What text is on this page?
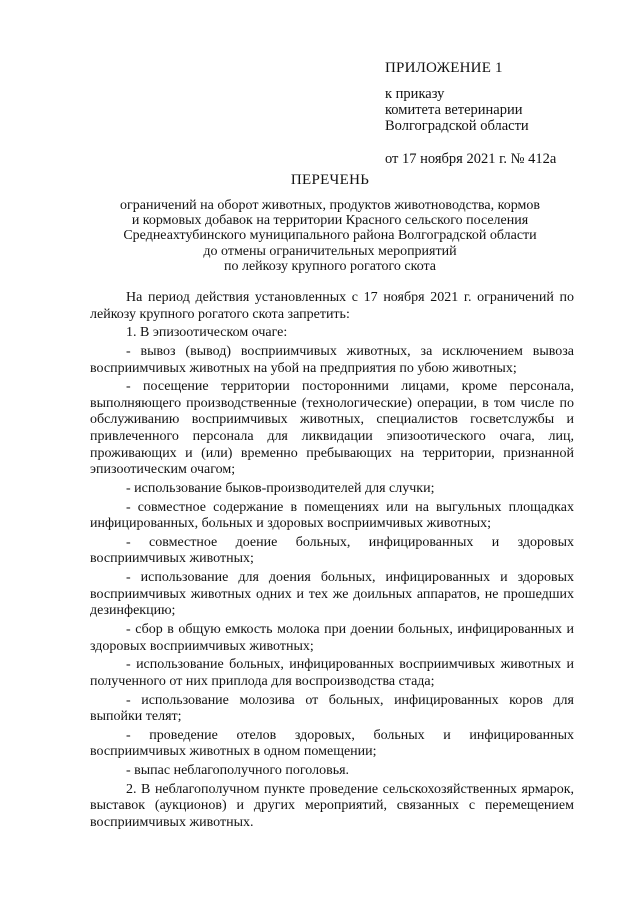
ПРИЛОЖЕНИЕ 1

к приказу

комитета ветеринарии

Волгоградской области

от 17 ноября 2021 г. № 412а

ПЕРЕЧЕНЬ
ограничений на оборот животных, продуктов животноводства, кормов
и кормовых добавок на территории Красного сельского поселения
Среднеахтубинского муниципального района Волгоградской области
до отмены ограничительных мероприятий
по лейкозу крупного рогатого скота

На период действия установленных с 17 ноября 2021 г. ограничений по лейкозу крупного рогатого скота запретить:

1. В эпизоотическом очаге:

- вывоз (вывод) восприимчивых животных, за исключением вывоза восприимчивых животных на убой на предприятия по убою животных;

- посещение территории посторонними лицами, кроме персонала, выполняющего производственные (технологические) операции, в том числе по обслуживанию восприимчивых животных, специалистов госветслужбы и привлеченного персонала для ликвидации эпизоотического очага, лиц, проживающих и (или) временно пребывающих на территории, признанной эпизоотическим очагом;

- использование быков-производителей для случки;

- совместное содержание в помещениях или на выгульных площадках инфицированных, больных и здоровых восприимчивых животных;

- совместное доение больных, инфицированных и здоровых восприимчивых животных;

- использование для доения больных, инфицированных и здоровых восприимчивых животных одних и тех же доильных аппаратов, не прошедших дезинфекцию;

- сбор в общую емкость молока при доении больных, инфицированных и здоровых восприимчивых животных;

- использование больных, инфицированных восприимчивых животных и полученного от них приплода для воспроизводства стада;

- использование молозива от больных, инфицированных коров для выпойки телят;

- проведение отелов здоровых, больных и инфицированных восприимчивых животных в одном помещении;

- выпас неблагополучного поголовья.

2. В неблагополучном пункте проведение сельскохозяйственных ярмарок, выставок (аукционов) и других мероприятий, связанных с перемещением восприимчивых животных.
